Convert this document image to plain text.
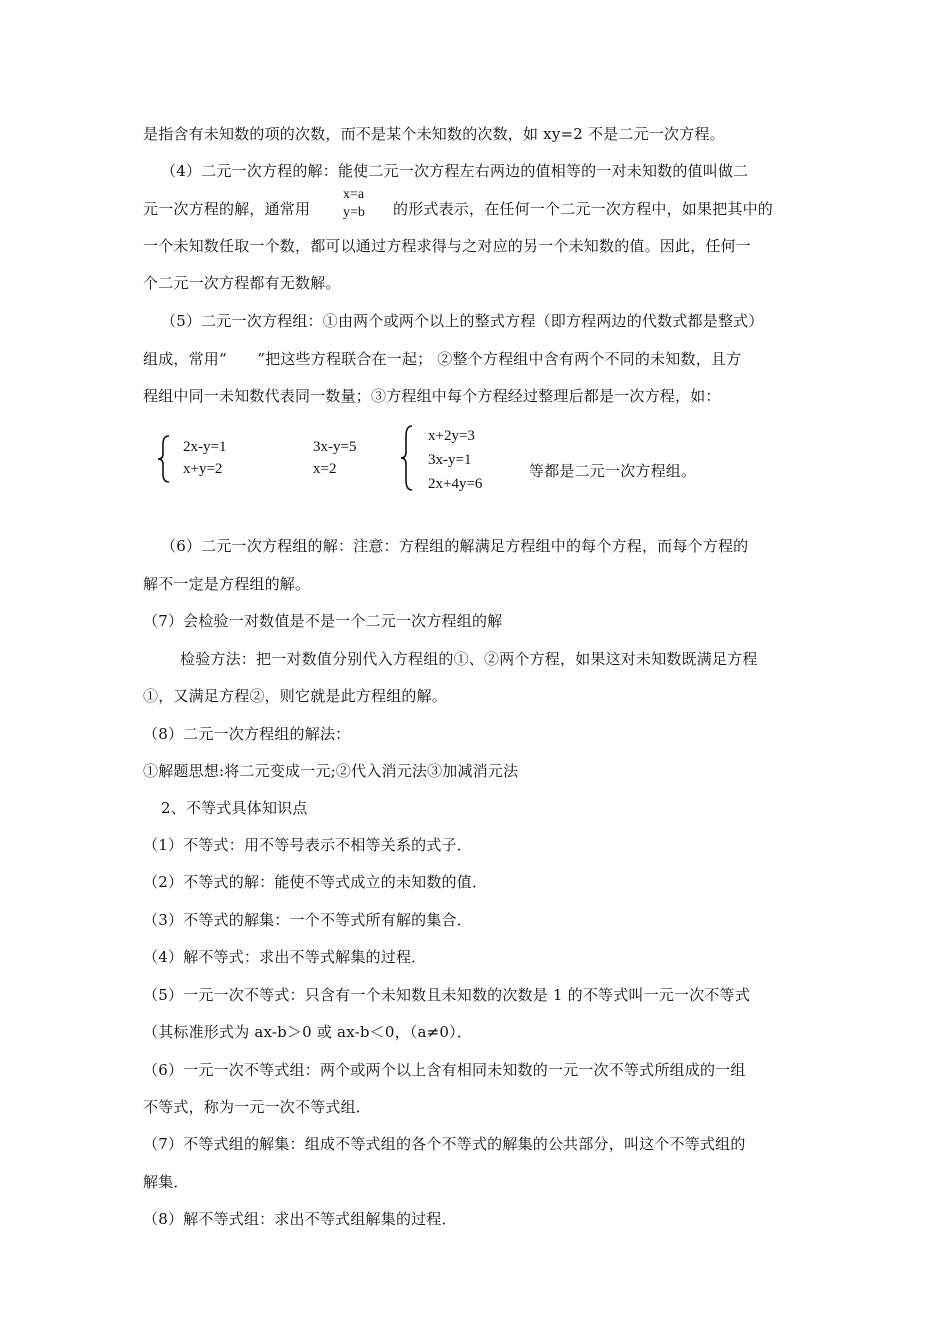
是指含有未知数的项的次数，而不是某个未知数的次数，如 xy=2 不是二元一次方程。
（4）二元一次方程的解：能使二元一次方程左右两边的值相等的一对未知数的值叫做二
元一次方程的解，通常用
x=a
y=b 的形式表示，在任何一个二元一次方程中，如果把其中的
一个未知数任取一个数，都可以通过方程求得与之对应的另一个未知数的值。因此，任何一
个二元一次方程都有无数解。
（5）二元一次方程组：①由两个或两个以上的整式方程（即方程两边的代数式都是整式）
组成，常用“　　”把这些方程联合在一起； ②整个方程组中含有两个不同的未知数，且方
程组中同一未知数代表同一数量；③方程组中每个方程经过整理后都是一次方程，如：
2x-y=1
x+y=2
3x-y=5
x=2
x+2y=3
3x-y=1
2x+4y=6
等都是二元一次方程组。
（6）二元一次方程组的解：注意：方程组的解满足方程组中的每个方程，而每个方程的
解不一定是方程组的解。
（7）会检验一对数值是不是一个二元一次方程组的解
检验方法：把一对数值分别代入方程组的①、②两个方程，如果这对未知数既满足方程
①，又满足方程②，则它就是此方程组的解。
（8）二元一次方程组的解法：
①解题思想:将二元变成一元;②代入消元法③加减消元法
2、不等式具体知识点
（1）不等式：用不等号表示不相等关系的式子．
（2）不等式的解：能使不等式成立的未知数的值．
（3）不等式的解集：一个不等式所有解的集合．
（4）解不等式：求出不等式解集的过程．
（5）一元一次不等式：只含有一个未知数且未知数的次数是 1 的不等式叫一元一次不等式
（其标准形式为 ax-b＞0 或 ax-b＜0，（a≠0）．
（6）一元一次不等式组：两个或两个以上含有相同未知数的一元一次不等式所组成的一组
不等式，称为一元一次不等式组．
（7）不等式组的解集：组成不等式组的各个不等式的解集的公共部分，叫这个不等式组的
解集．
（8）解不等式组：求出不等式组解集的过程．
